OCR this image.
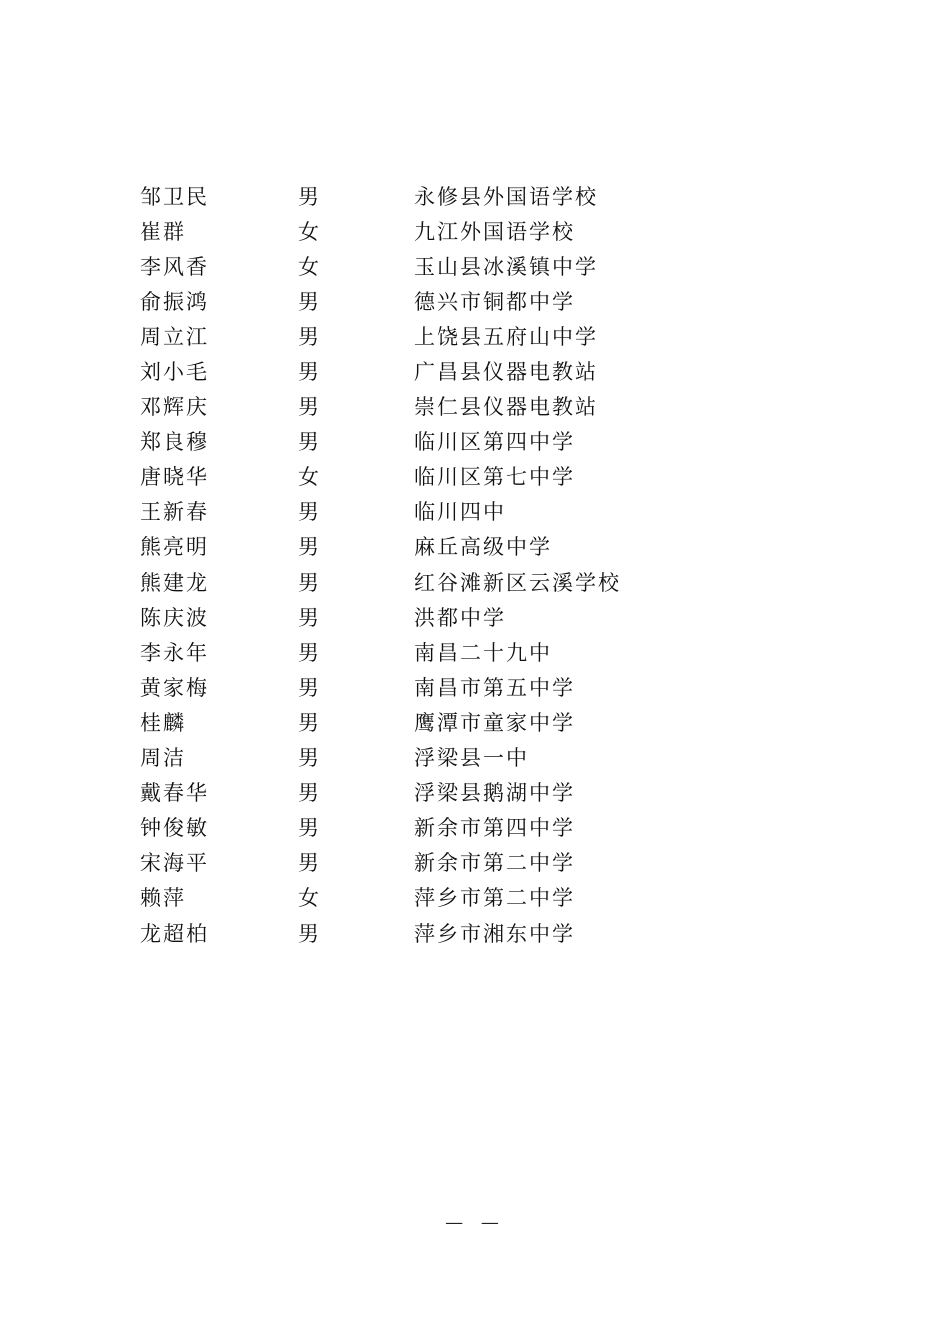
邹卫民	男	永修县外国语学校
崔群	女	九江外国语学校
李风香	女	玉山县冰溪镇中学
俞振鸿	男	德兴市铜都中学
周立江	男	上饶县五府山中学
刘小毛	男	广昌县仪器电教站
邓辉庆	男	崇仁县仪器电教站
郑良穆	男	临川区第四中学
唐晓华	女	临川区第七中学
王新春	男	临川四中
熊亮明	男	麻丘高级中学
熊建龙	男	红谷滩新区云溪学校
陈庆波	男	洪都中学
李永年	男	南昌二十九中
黄家梅	男	南昌市第五中学
桂麟	男	鹰潭市童家中学
周洁	男	浮梁县一中
戴春华	男	浮梁县鹅湖中学
钟俊敏	男	新余市第四中学
宋海平	男	新余市第二中学
赖萍	女	萍乡市第二中学
龙超柏	男	萍乡市湘东中学
— —
